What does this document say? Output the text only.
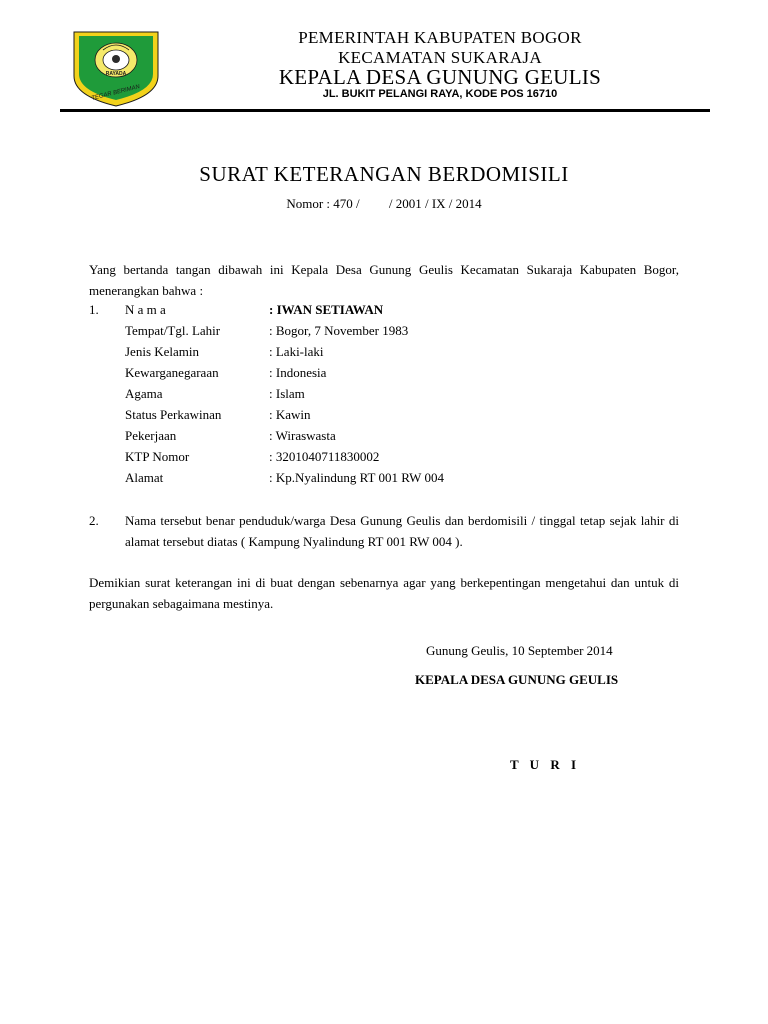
RAYADA
TEGAR BERIMAN
PEMERINTAH KABUPATEN BOGOR
KECAMATAN SUKARAJA
KEPALA DESA GUNUNG GEULIS
JL. BUKIT PELANGI RAYA, KODE POS 16710
SURAT KETERANGAN BERDOMISILI
Nomor : 470 /         / 2001 / IX / 2014
Yang bertanda tangan dibawah ini Kepala Desa Gunung Geulis Kecamatan Sukaraja Kabupaten Bogor, menerangkan bahwa :
1. N a m a	: IWAN SETIAWAN
Tempat/Tgl. Lahir	: Bogor, 7 November 1983
Jenis Kelamin	: Laki-laki
Kewarganegaraan	: Indonesia
Agama	: Islam
Status Perkawinan	: Kawin
Pekerjaan	: Wiraswasta
KTP Nomor	: 3201040711830002
Alamat	: Kp.Nyalindung RT 001 RW 004
2. Nama tersebut benar penduduk/warga Desa Gunung Geulis dan berdomisili / tinggal tetap sejak lahir di alamat tersebut diatas ( Kampung Nyalindung RT 001 RW 004 ).
Demikian surat keterangan ini di buat dengan sebenarnya agar yang berkepentingan mengetahui dan untuk di pergunakan sebagaimana mestinya.
Gunung Geulis, 10 September 2014
KEPALA DESA GUNUNG GEULIS
T U R I
